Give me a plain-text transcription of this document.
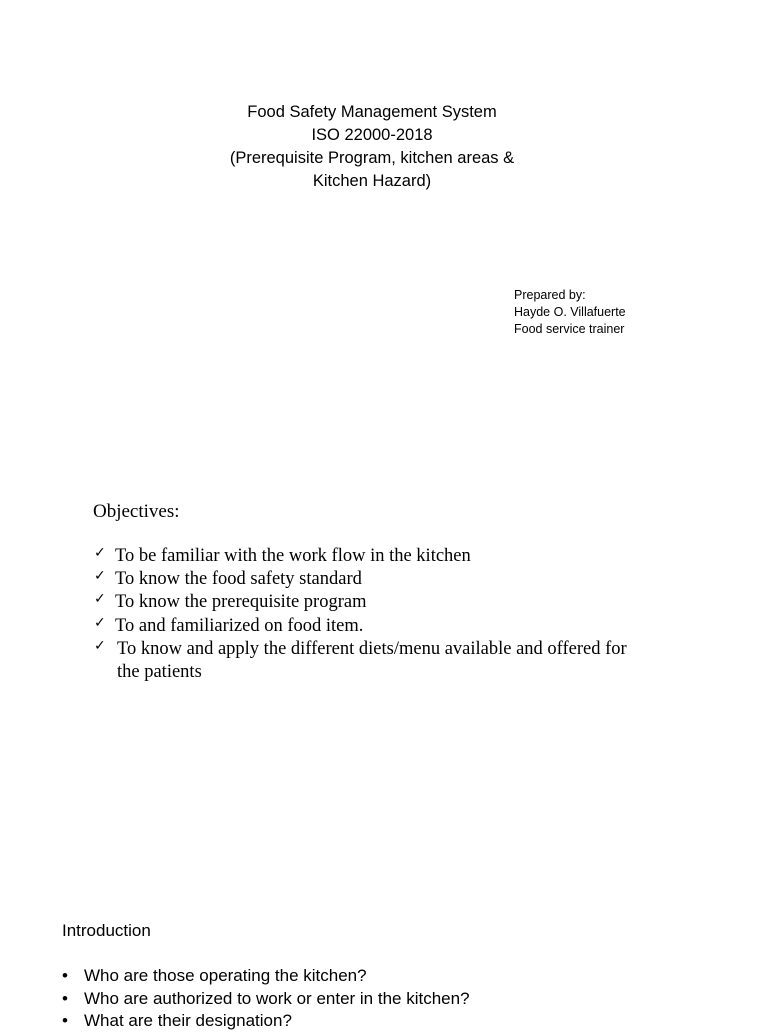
Food Safety Management System
ISO 22000-2018
(Prerequisite Program, kitchen areas &
Kitchen Hazard)
Prepared by:
Hayde O. Villafuerte
Food service trainer
Objectives:
✓ To be familiar with the work flow in the kitchen
✓ To know the food safety standard
✓ To know the prerequisite program
✓ To and familiarized on food item.
✓ To know and apply the different diets/menu available and offered for the patients
Introduction
• Who are those operating the kitchen?
• Who are authorized to work or enter in the kitchen?
• What are their designation?
